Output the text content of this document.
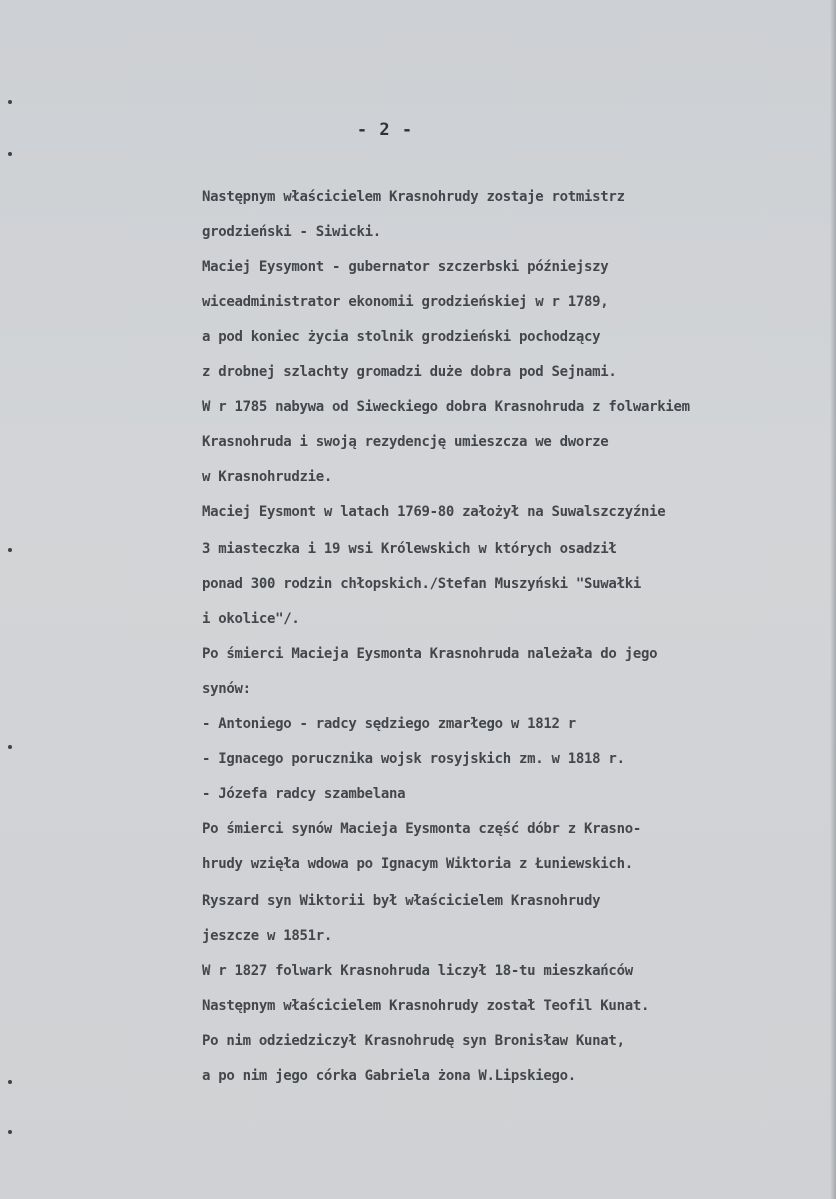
- 2 -
Następnym właścicielem Krasnohrudy zostaje rotmistrz
grodzieński - Siwicki.
Maciej Eysymont - gubernator szczerbski późniejszy
wiceadministrator ekonomii grodzieńskiej w r 1789,
a pod koniec życia stolnik grodzieński pochodzący
z drobnej szlachty gromadzi duże dobra pod Sejnami.
W r 1785 nabywa od Siweckiego dobra Krasnohruda z folwarkiem
Krasnohruda i swoją rezydencję umieszcza we dworze
w Krasnohrudzie.
Maciej Eysmont w latach 1769-80 założył na Suwalszczyźnie
3 miasteczka i 19 wsi Królewskich w których osadził
ponad 300 rodzin chłopskich./Stefan Muszyński "Suwałki
i okolice"/.
Po śmierci Macieja Eysmonta Krasnohruda należała do jego
synów:
- Antoniego - radcy sędziego zmarłego w 1812 r
- Ignacego porucznika wojsk rosyjskich zm. w 1818 r.
- Józefa radcy szambelana
Po śmierci synów Macieja Eysmonta część dóbr z Krasno-
hrudy wzięła wdowa po Ignacym Wiktoria z Łuniewskich.
Ryszard syn Wiktorii był właścicielem Krasnohrudy
jeszcze w 1851r.
W r 1827 folwark Krasnohruda liczył 18-tu mieszkańców
Następnym właścicielem Krasnohrudy został Teofil Kunat.
Po nim odziedziczył Krasnohrudę syn Bronisław Kunat,
a po nim jego córka Gabriela żona W.Lipskiego.
